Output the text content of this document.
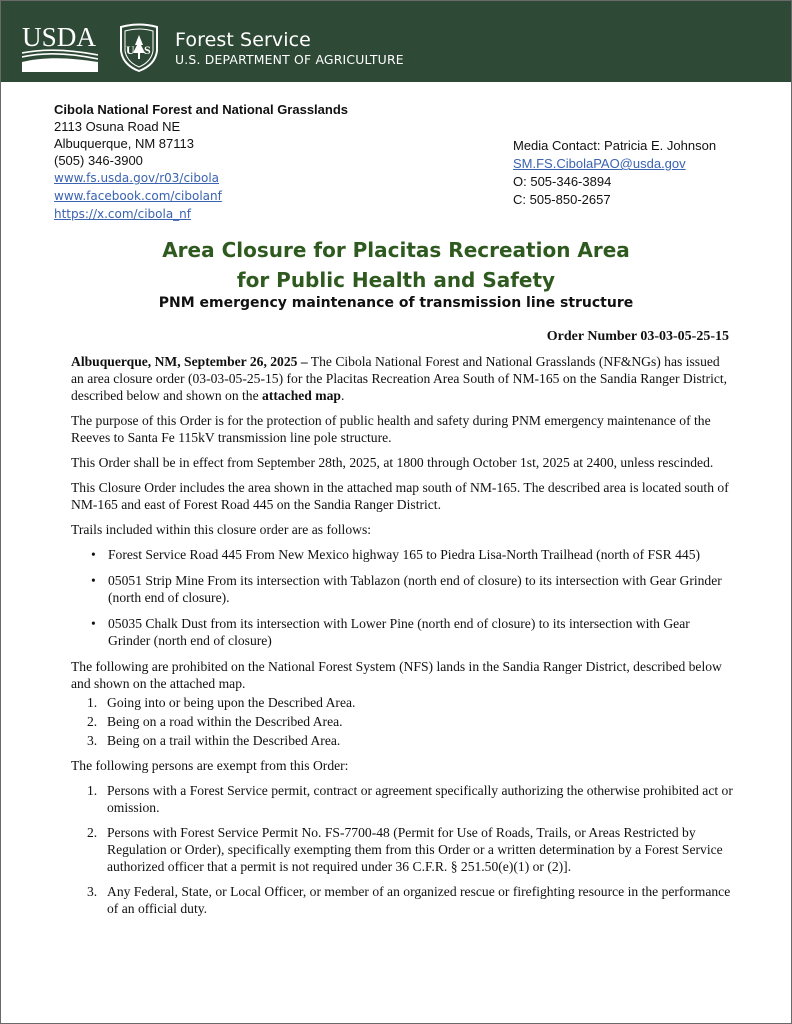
USDA U S Forest Service
U.S. DEPARTMENT OF AGRICULTURE
Cibola National Forest and National Grasslands
2113 Osuna Road NE
Albuquerque, NM 87113
(505) 346-3900
www.fs.usda.gov/r03/cibola
www.facebook.com/cibolanf
https://x.com/cibola_nf
Media Contact: Patricia E. Johnson
SM.FS.CibolaPAO@usda.gov
O: 505-346-3894
C: 505-850-2657
Area Closure for Placitas Recreation Area
for Public Health and Safety
PNM emergency maintenance of transmission line structure
Order Number 03-03-05-25-15

Albuquerque, NM, September 26, 2025 – The Cibola National Forest and National Grasslands (NF&NGs) has issued an area closure order (03-03-05-25-15) for the Placitas Recreation Area South of NM-165 on the Sandia Ranger District, described below and shown on the attached map.

The purpose of this Order is for the protection of public health and safety during PNM emergency maintenance of the Reeves to Santa Fe 115kV transmission line pole structure.

This Order shall be in effect from September 28th, 2025, at 1800 through October 1st, 2025 at 2400, unless rescinded.

This Closure Order includes the area shown in the attached map south of NM-165. The described area is located south of NM-165 and east of Forest Road 445 on the Sandia Ranger District.

Trails included within this closure order are as follows:

• Forest Service Road 445 From New Mexico highway 165 to Piedra Lisa-North Trailhead (north of FSR 445)
• 05051 Strip Mine From its intersection with Tablazon (north end of closure) to its intersection with Gear Grinder (north end of closure).
• 05035 Chalk Dust from its intersection with Lower Pine (north end of closure) to its intersection with Gear Grinder (north end of closure)

The following are prohibited on the National Forest System (NFS) lands in the Sandia Ranger District, described below and shown on the attached map.

1. Going into or being upon the Described Area.
2. Being on a road within the Described Area.
3. Being on a trail within the Described Area.

The following persons are exempt from this Order:

1. Persons with a Forest Service permit, contract or agreement specifically authorizing the otherwise prohibited act or omission.
2. Persons with Forest Service Permit No. FS-7700-48 (Permit for Use of Roads, Trails, or Areas Restricted by Regulation or Order), specifically exempting them from this Order or a written determination by a Forest Service authorized officer that a permit is not required under 36 C.F.R. § 251.50(e)(1) or (2)].
3. Any Federal, State, or Local Officer, or member of an organized rescue or firefighting resource in the performance of an official duty.
